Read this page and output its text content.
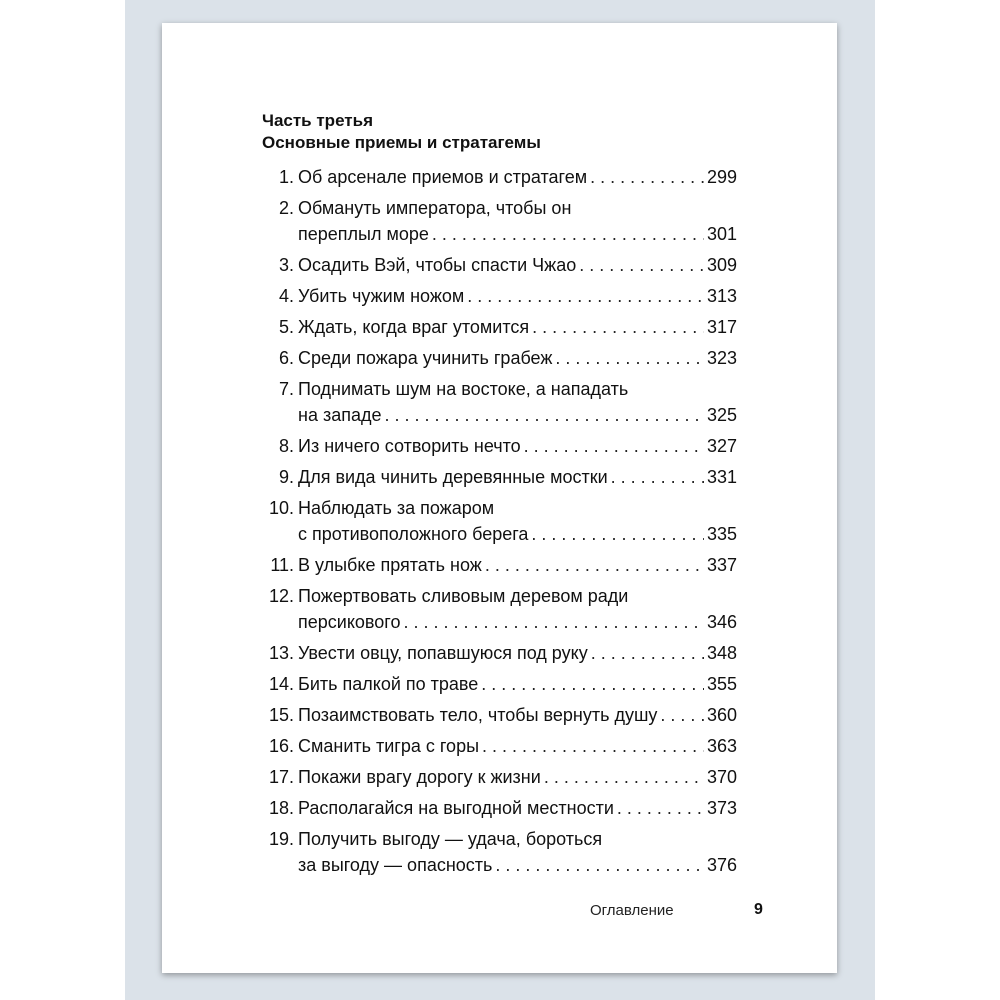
Часть третья

Основные приемы и стратагемы

1. Об арсенале приемов и стратагем . . .	299
2. Обмануть императора, чтобы он
переплыл море . . .	301
3. Осадить Вэй, чтобы спасти Чжао . . .	309
4. Убить чужим ножом . . .	313
5. Ждать, когда враг утомится . . .	317
6. Среди пожара учинить грабеж . . .	323
7. Поднимать шум на востоке, а нападать
на западе . . .	325
8. Из ничего сотворить нечто . . .	327
9. Для вида чинить деревянные мостки . . .	331
10. Наблюдать за пожаром
с противоположного берега . . .	335
11. В улыбке прятать нож . . .	337
12. Пожертвовать сливовым деревом ради
персикового . . .	346
13. Увести овцу, попавшуюся под руку . . .	348
14. Бить палкой по траве . . .	355
15. Позаимствовать тело, чтобы вернуть душу . . .	360
16. Сманить тигра с горы . . .	363
17. Покажи врагу дорогу к жизни . . .	370
18. Располагайся на выгодной местности . . .	373
19. Получить выгоду — удача, бороться
за выгоду — опасность . . .	376

Оглавление	9
